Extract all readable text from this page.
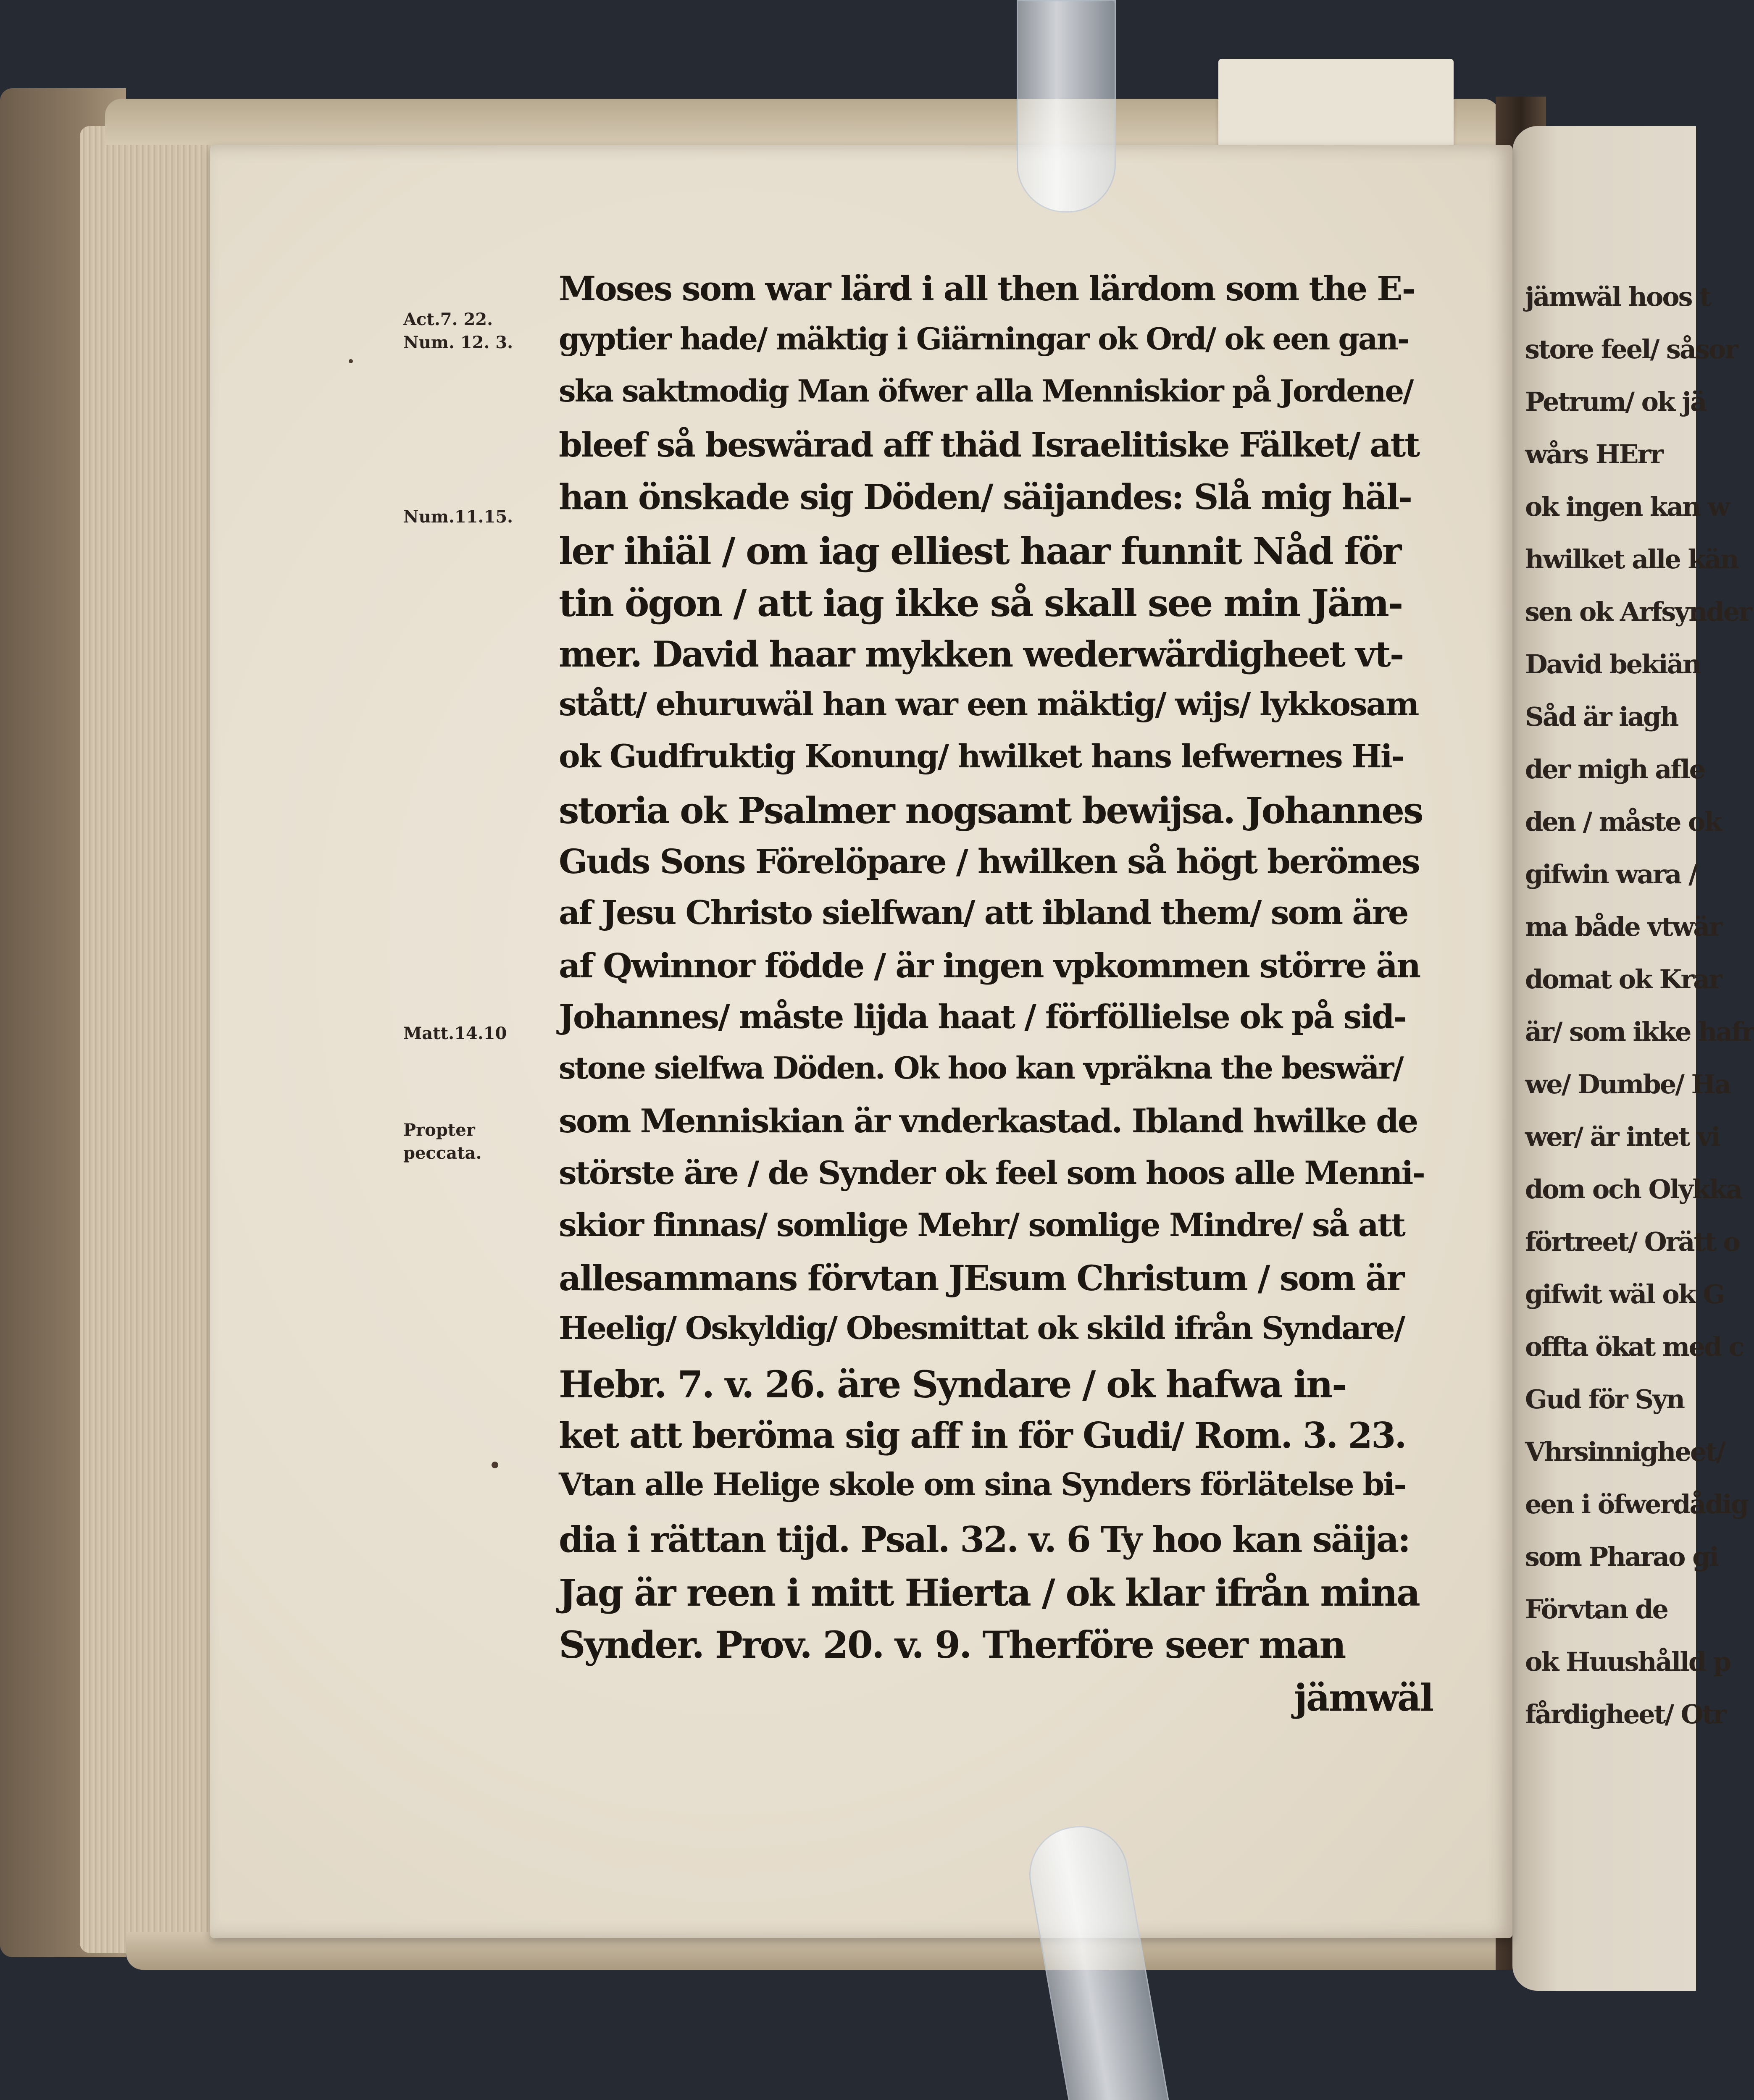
jämwäl hoos t
store feel/ såsor
Petrum/ ok jä
wårs HErr
ok ingen kan w
hwilket alle kän
sen ok Arfsynder
David bekiän
Såd är iagh
der migh afle
den / måste ok
gifwin wara /
ma både vtwär
domat ok Krar
är/ som ikke hafr
we/ Dumbe/ Ha
wer/ är intet vi
dom och Olykka
förtreet/ Orätt o
gifwit wäl ok G
offta ökat med c
Gud för Syn
Vhrsinnigheet/
een i öfwerdådig
som Pharao gi
Förvtan de
ok Huushålld p
fårdigheet/ Otr
Act.7. 22.
Num. 12. 3.
Num.11.15.
Matt.14.10
Propter
peccata.
Moses som war lärd i all then lärdom som the E-
gyptier hade/ mäktig i Giärningar ok Ord/ ok een gan-
ska saktmodig Man öfwer alla Menniskior på Jordene/
bleef så beswärad aff thäd Israelitiske Fälket/ att
han önskade sig Döden/ säijandes: Slå mig häl-
ler ihiäl / om iag elliest haar funnit Nåd för
tin ögon / att iag ikke så skall see min Jäm-
mer. David haar mykken wederwärdigheet vt-
stått/ ehuruwäl han war een mäktig/ wijs/ lykkosam
ok Gudfruktig Konung/ hwilket hans lefwernes Hi-
storia ok Psalmer nogsamt bewijsa. Johannes
Guds Sons Förelöpare / hwilken så högt berömes
af Jesu Christo sielfwan/ att ibland them/ som äre
af Qwinnor födde / är ingen vpkommen större än
Johannes/ måste lijda haat / förföllielse ok på sid-
stone sielfwa Döden. Ok hoo kan vpräkna the beswär/
som Menniskian är vnderkastad. Ibland hwilke de
störste äre / de Synder ok feel som hoos alle Menni-
skior finnas/ somlige Mehr/ somlige Mindre/ så att
allesammans förvtan JEsum Christum / som är
Heelig/ Oskyldig/ Obesmittat ok skild ifrån Syndare/
Hebr. 7. v. 26. äre Syndare / ok hafwa in-
ket att beröma sig aff in för Gudi/ Rom. 3. 23.
Vtan alle Helige skole om sina Synders förlätelse bi-
dia i rättan tijd. Psal. 32. v. 6 Ty hoo kan säija:
Jag är reen i mitt Hierta / ok klar ifrån mina
Synder. Prov. 20. v. 9. Therföre seer man
jämwäl
